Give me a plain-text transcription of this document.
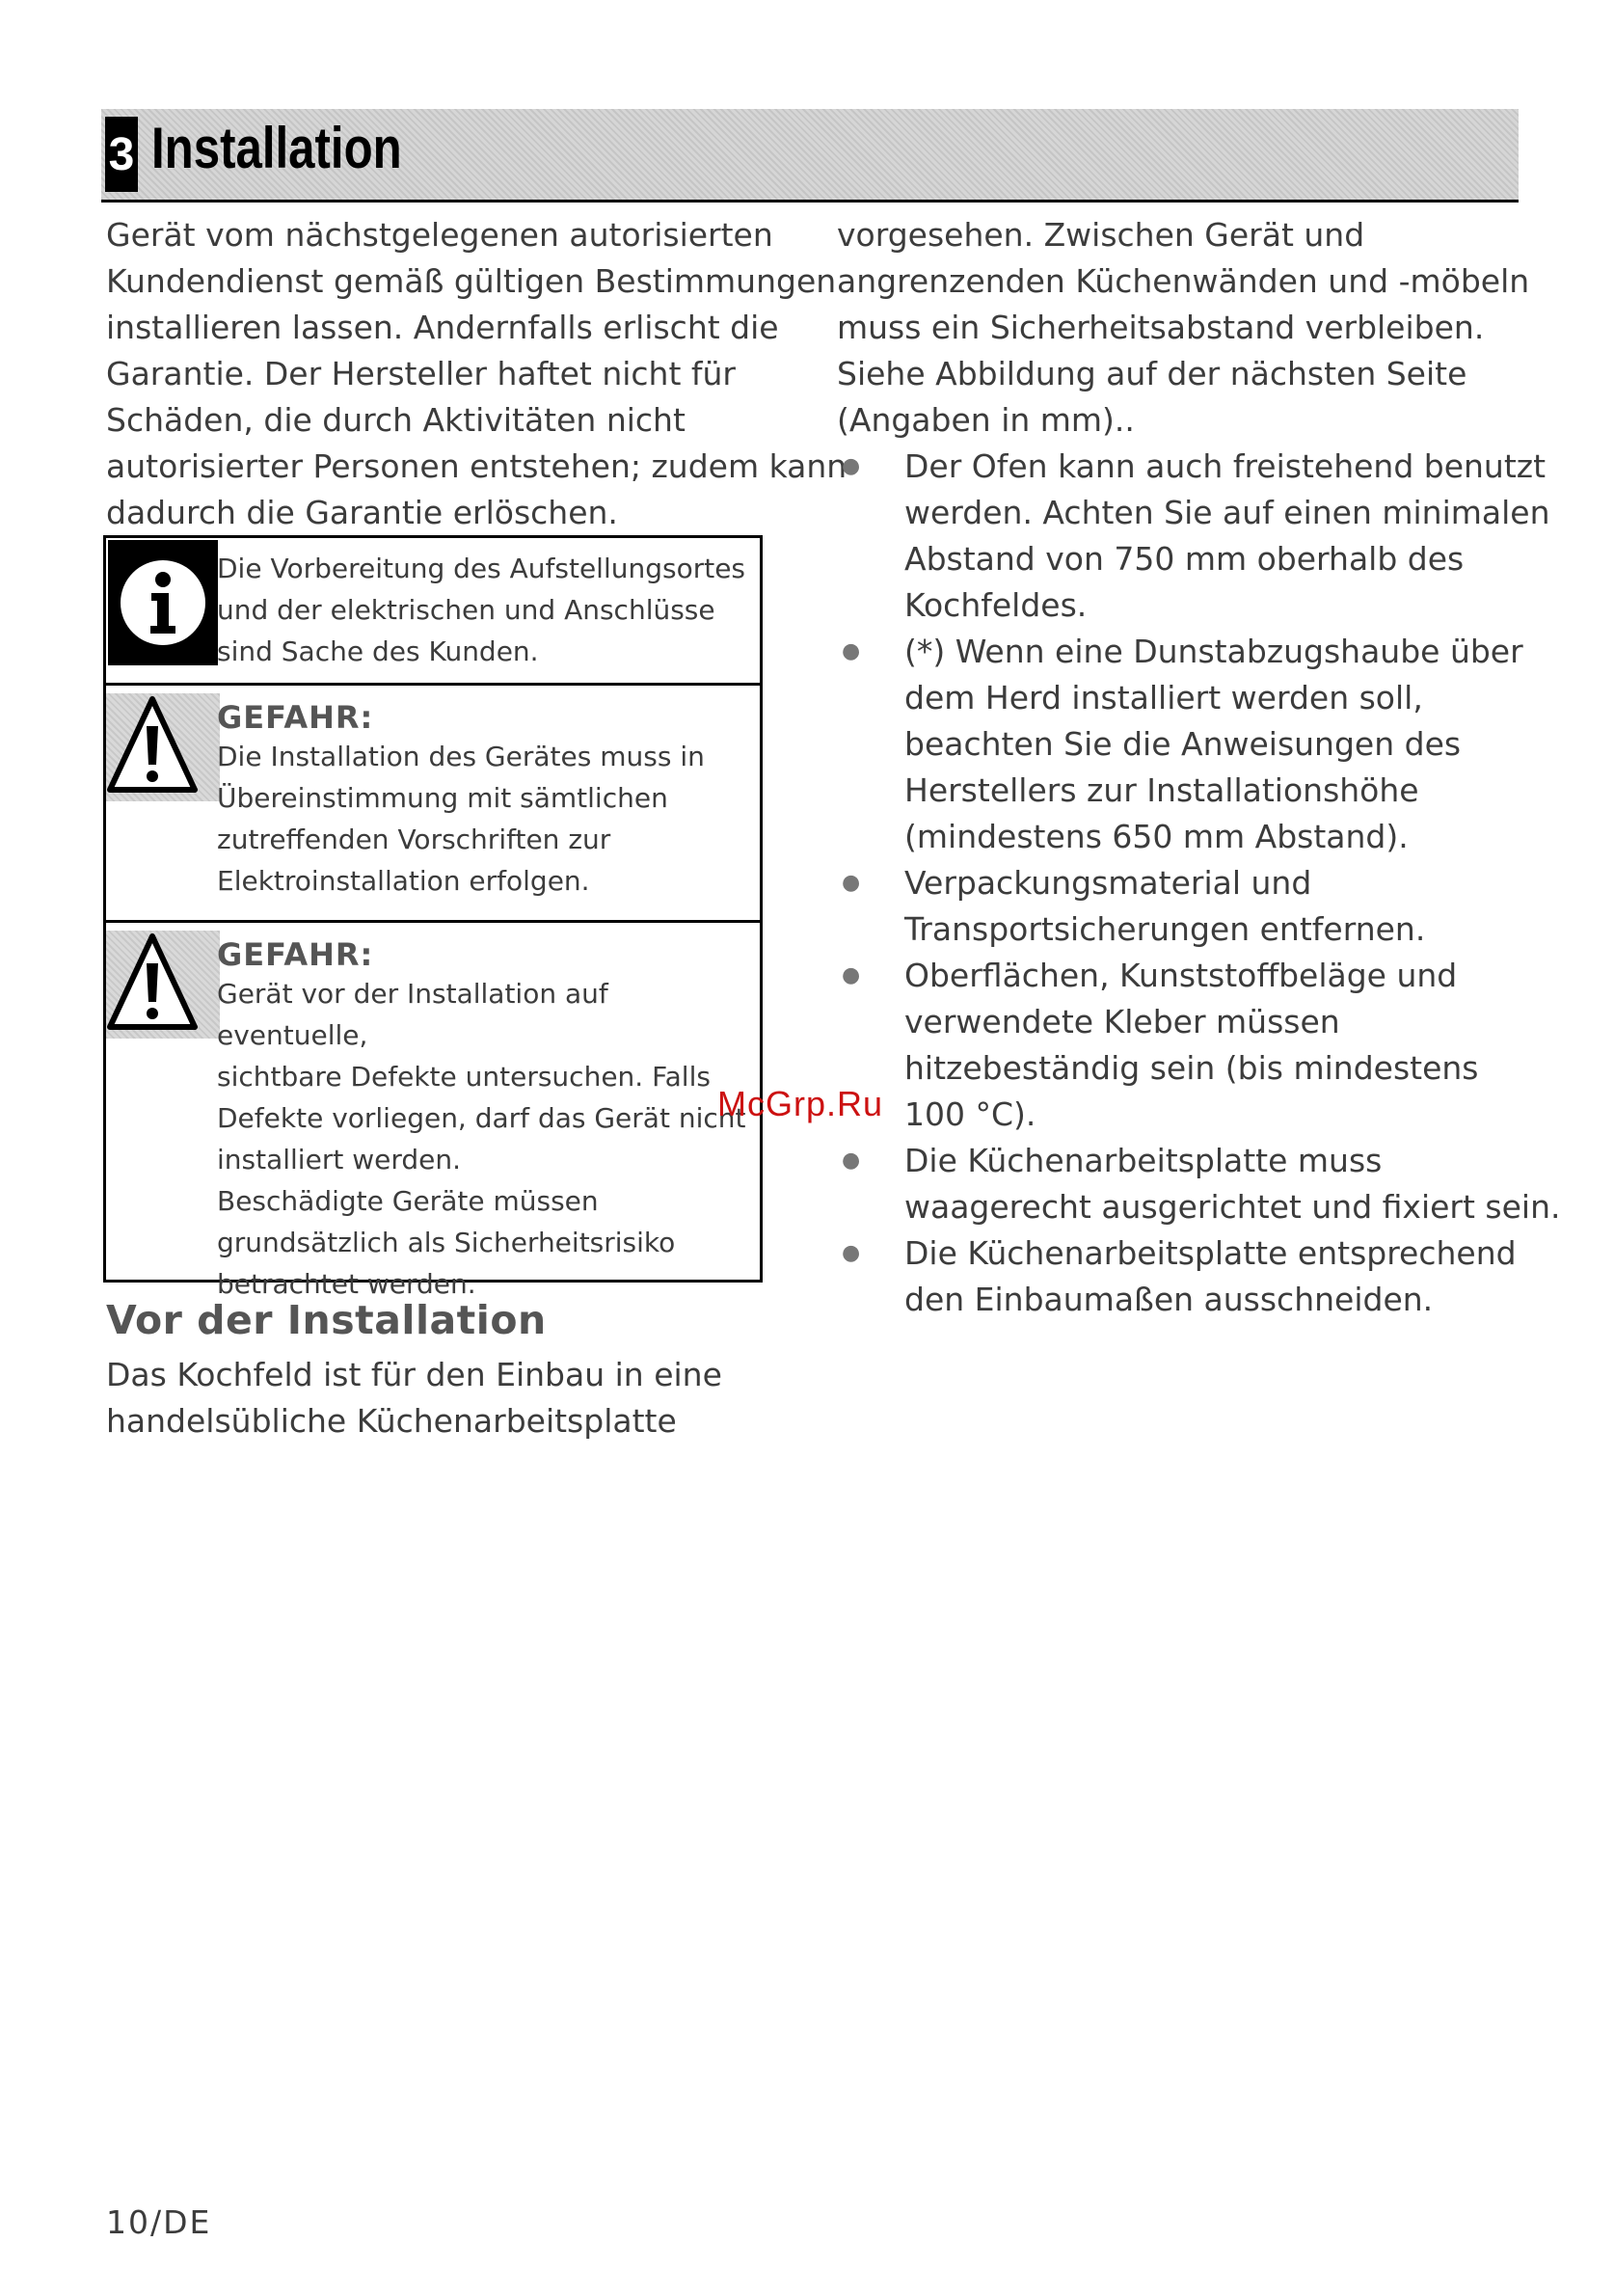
3 Installation
Gerät vom nächstgelegenen autorisierten
Kundendienst gemäß gültigen Bestimmungen
installieren lassen. Andernfalls erlischt die
Garantie. Der Hersteller haftet nicht für
Schäden, die durch Aktivitäten nicht
autorisierter Personen entstehen; zudem kann
dadurch die Garantie erlöschen.
Die Vorbereitung des Aufstellungsortes
und der elektrischen und Anschlüsse
sind Sache des Kunden.
GEFAHR:
Die Installation des Gerätes muss in
Übereinstimmung mit sämtlichen
zutreffenden Vorschriften zur
Elektroinstallation erfolgen.
GEFAHR:
Gerät vor der Installation auf eventuelle,
sichtbare Defekte untersuchen. Falls
Defekte vorliegen, darf das Gerät nicht
installiert werden.
Beschädigte Geräte müssen
grundsätzlich als Sicherheitsrisiko
betrachtet werden.
Vor der Installation
Das Kochfeld ist für den Einbau in eine
handelsübliche Küchenarbeitsplatte
vorgesehen. Zwischen Gerät und
angrenzenden Küchenwänden und -möbeln
muss ein Sicherheitsabstand verbleiben.
Siehe Abbildung auf der nächsten Seite
(Angaben in mm)..
● Der Ofen kann auch freistehend benutzt
werden. Achten Sie auf einen minimalen
Abstand von 750 mm oberhalb des
Kochfeldes.
● (*) Wenn eine Dunstabzugshaube über
dem Herd installiert werden soll,
beachten Sie die Anweisungen des
Herstellers zur Installationshöhe
(mindestens 650 mm Abstand).
● Verpackungsmaterial und
Transportsicherungen entfernen.
● Oberflächen, Kunststoffbeläge und
verwendete Kleber müssen
hitzebeständig sein (bis mindestens
100 °C).
● Die Küchenarbeitsplatte muss
waagerecht ausgerichtet und fixiert sein.
● Die Küchenarbeitsplatte entsprechend
den Einbaumaßen ausschneiden.
McGrp.Ru
10/DE
